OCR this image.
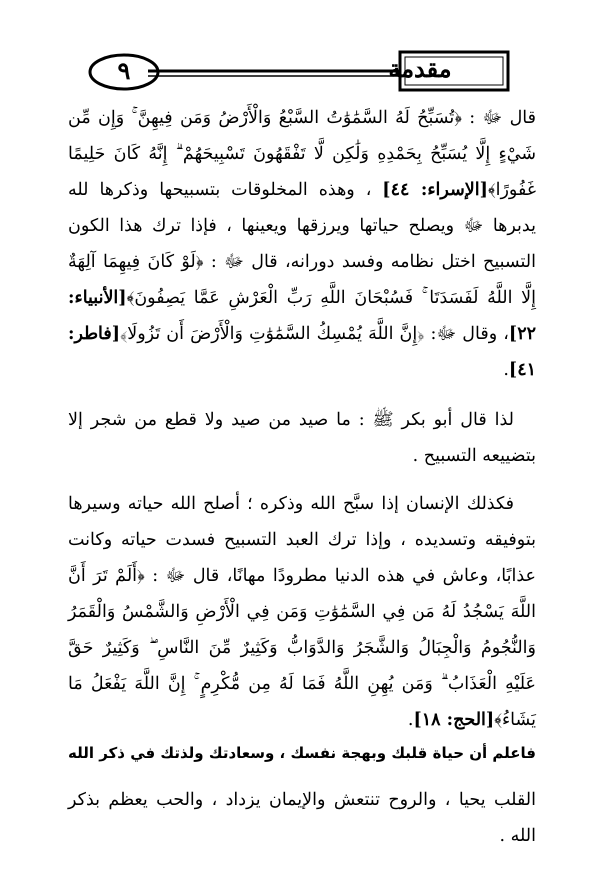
٩	مقدمة

قال ﷻ : ﴿تُسَبِّحُ لَهُ السَّمَٰوَٰتُ السَّبْعُ وَالْأَرْضُ وَمَن فِيهِنَّ ۚ وَإِن مِّن شَيْءٍ إِلَّا يُسَبِّحُ بِحَمْدِهِ وَلَٰكِن لَّا تَفْقَهُونَ تَسْبِيحَهُمْ ۗ إِنَّهُ كَانَ حَلِيمًا غَفُورًا﴾[الإسراء: ٤٤] ، وهذه المخلوقات بتسبيحها وذكرها لله يدبرها ﷻ ويصلح حياتها ويرزقها ويعينها ، فإذا ترك هذا الكون التسبيح اختل نظامه وفسد دورانه، قال ﷻ : ﴿لَوْ كَانَ فِيهِمَا آلِهَةٌ إِلَّا اللَّهُ لَفَسَدَتَا ۚ فَسُبْحَانَ اللَّهِ رَبِّ الْعَرْشِ عَمَّا يَصِفُونَ﴾[الأنبياء: ٢٢]، وقال ﷻ: ﴿إِنَّ اللَّهَ يُمْسِكُ السَّمَٰوَٰتِ وَالْأَرْضَ أَن تَزُولَا﴾[فاطر: ٤١].

لذا قال أبو بكر ﷺ : ما صيد من صيد ولا قطع من شجر إلا بتضييعه التسبيح .

فكذلك الإنسان إذا سبَّح الله وذكره ؛ أصلح الله حياته وسيرها بتوفيقه وتسديده ، وإذا ترك العبد التسبيح فسدت حياته وكانت عذابًا، وعاش في هذه الدنيا مطرودًا مهانًا، قال ﷻ : ﴿أَلَمْ تَرَ أَنَّ اللَّهَ يَسْجُدُ لَهُ مَن فِي السَّمَٰوَٰتِ وَمَن فِي الْأَرْضِ وَالشَّمْسُ وَالْقَمَرُ وَالنُّجُومُ وَالْجِبَالُ وَالشَّجَرُ وَالدَّوَابُّ وَكَثِيرٌ مِّنَ النَّاسِ ۖ وَكَثِيرٌ حَقَّ عَلَيْهِ الْعَذَابُ ۗ وَمَن يُهِنِ اللَّهُ فَمَا لَهُ مِن مُّكْرِمٍ ۚ إِنَّ اللَّهَ يَفْعَلُ مَا يَشَاءُ﴾[الحج: ١٨].

فاعلم أن حياة قلبك وبهجة نفسك ، وسعادتك ولذتك في ذكر الله

القلب يحيا ، والروح تنتعش والإيمان يزداد ، والحب يعظم بذكر الله .
